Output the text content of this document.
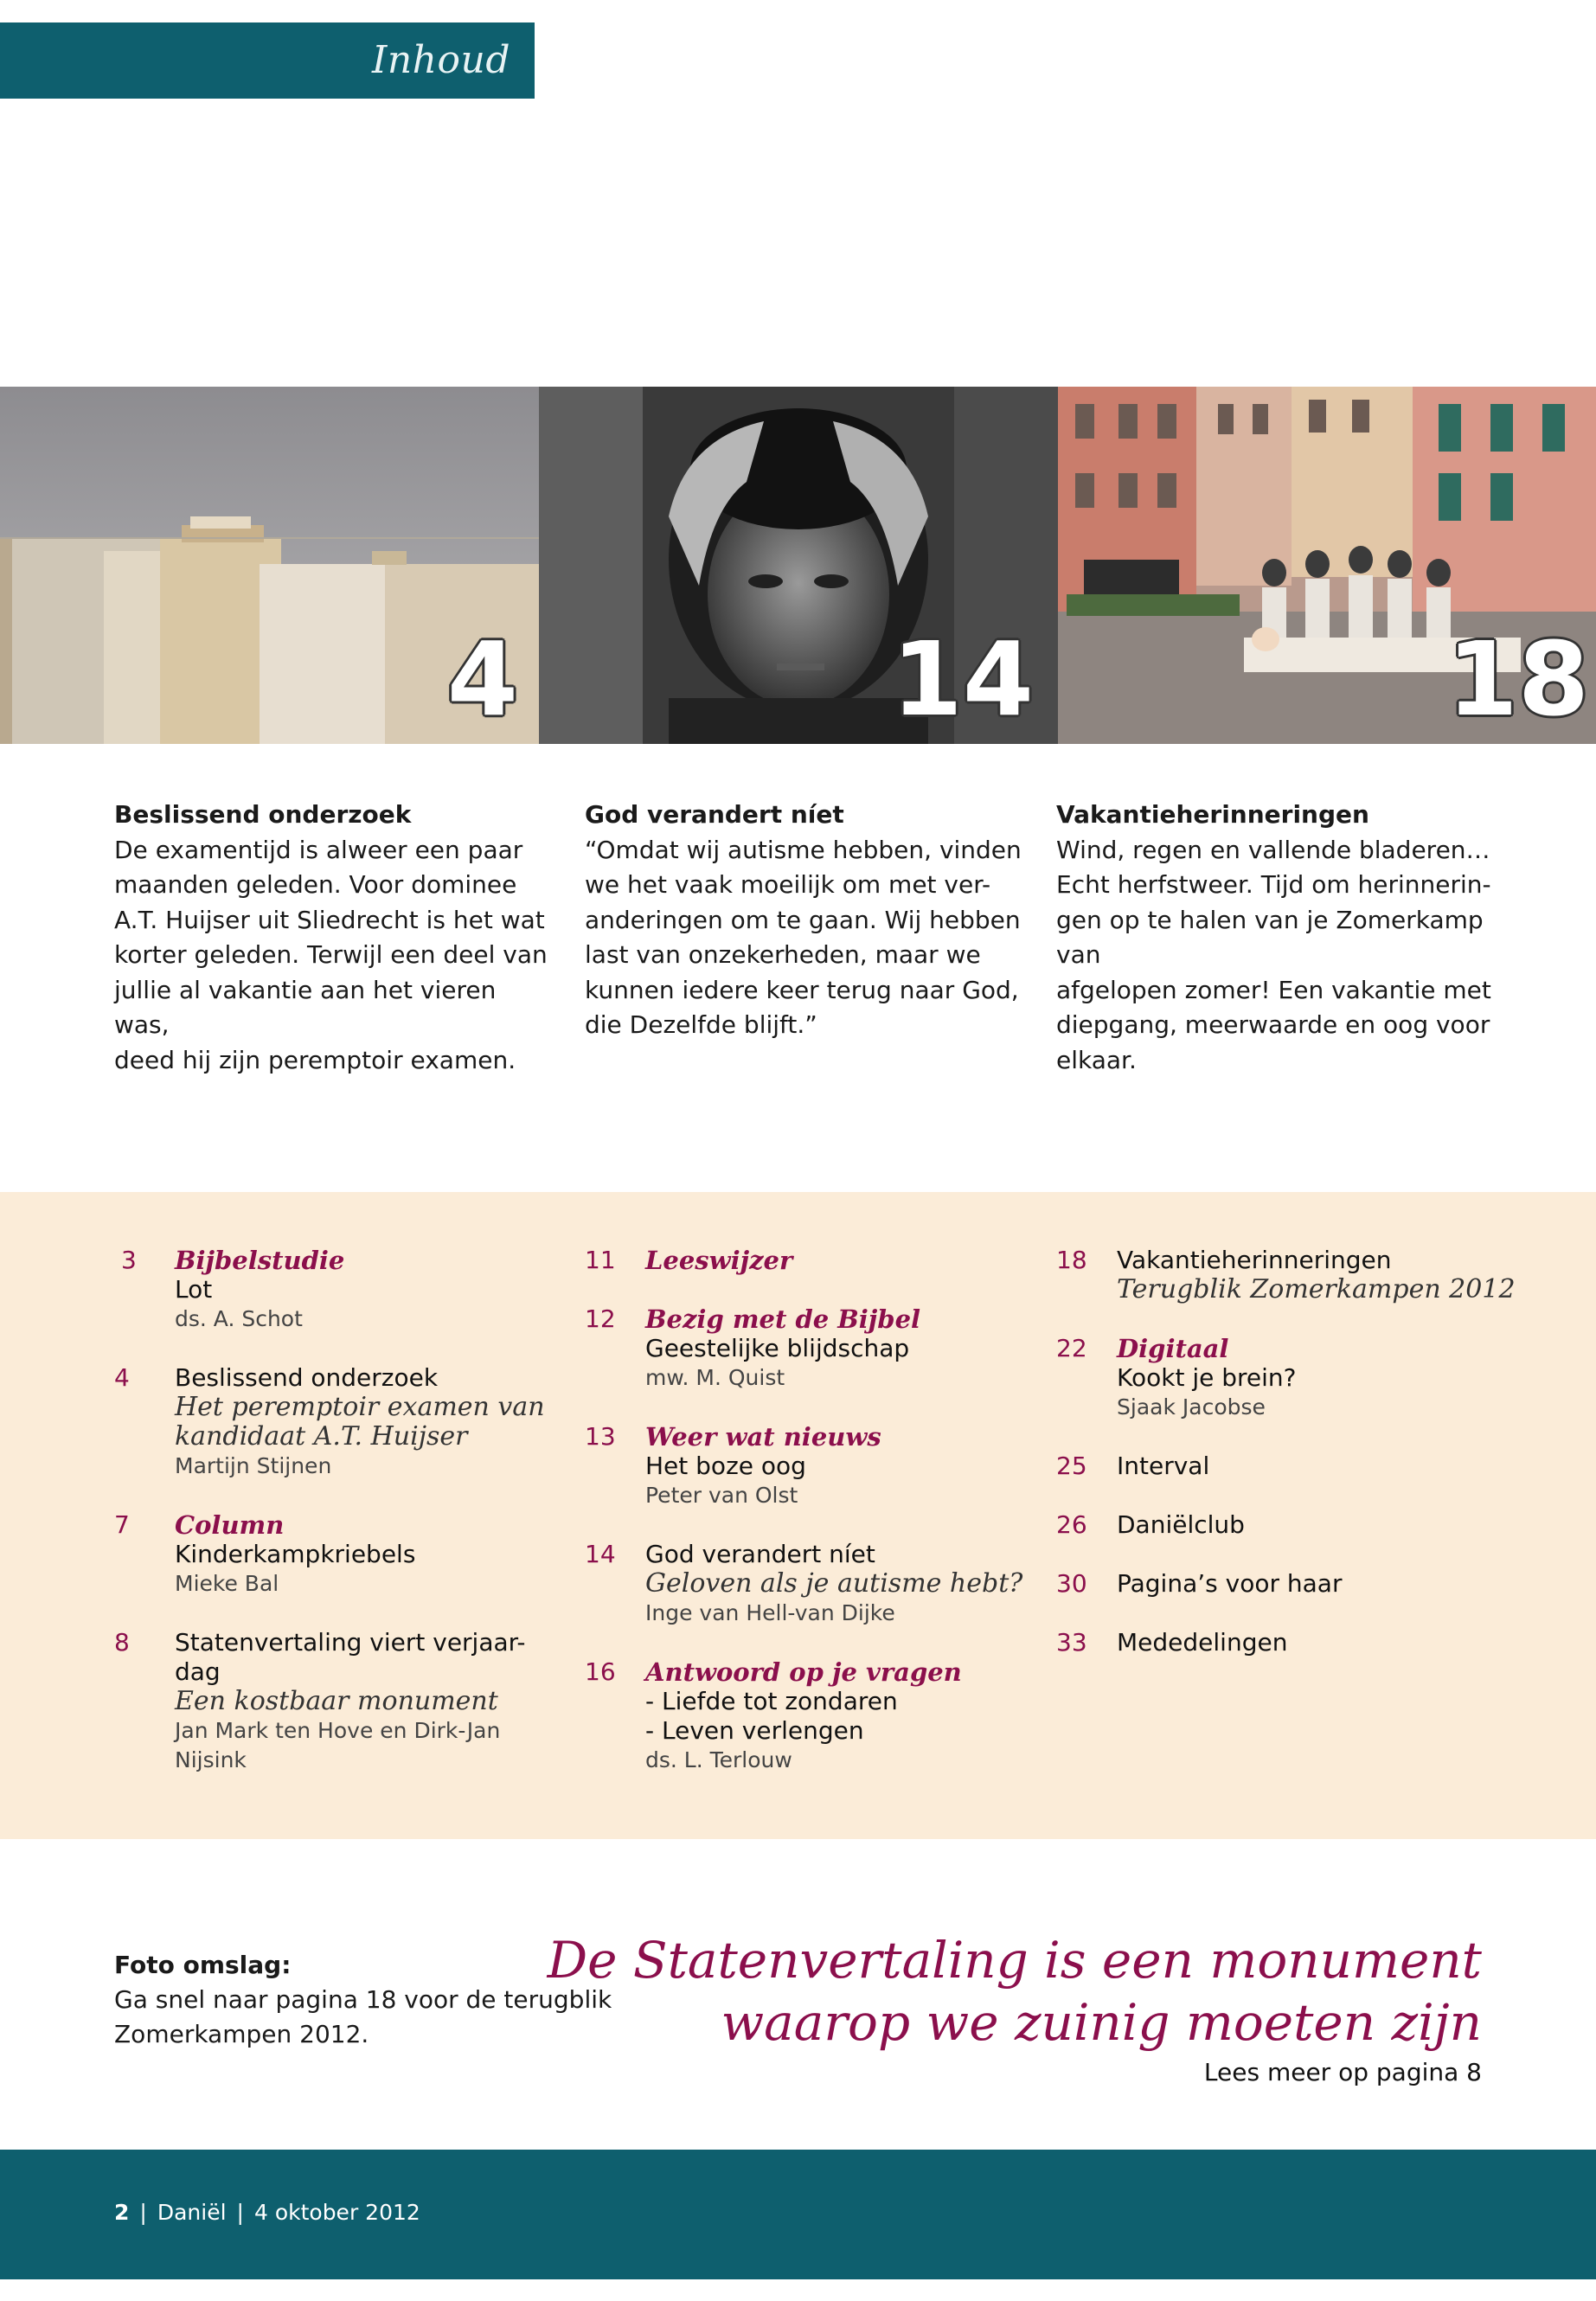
Inhoud
4	14	18
Beslissend onderzoek
De examentijd is alweer een paar
maanden geleden. Voor dominee
A.T. Huijser uit Sliedrecht is het wat
korter geleden. Terwijl een deel van
jullie al vakantie aan het vieren was,
deed hij zijn peremptoir examen.
God verandert níet
“Omdat wij autisme hebben, vinden
we het vaak moeilijk om met ver-
anderingen om te gaan. Wij hebben
last van onzekerheden, maar we
kunnen iedere keer terug naar God,
die Dezelfde blijft.”
Vakantieherinneringen
Wind, regen en vallende bladeren…
Echt herfstweer. Tijd om herinnerin-
gen op te halen van je Zomerkamp van
afgelopen zomer! Een vakantie met
diepgang, meerwaarde en oog voor
elkaar.
3	Bijbelstudie
Lot
ds. A. Schot
4	Beslissend onderzoek
Het peremptoir examen van
kandidaat A.T. Huijser
Martijn Stijnen
7	Column
Kinderkampkriebels
Mieke Bal
8	Statenvertaling viert verjaar-
dag
Een kostbaar monument
Jan Mark ten Hove en Dirk-Jan
Nijsink
11	Leeswijzer
12	Bezig met de Bijbel
Geestelijke blijdschap
mw. M. Quist
13	Weer wat nieuws
Het boze oog
Peter van Olst
14	God verandert níet
Geloven als je autisme hebt?
Inge van Hell-van Dijke
16	Antwoord op je vragen
- Liefde tot zondaren
- Leven verlengen
ds. L. Terlouw
18	Vakantieherinneringen
Terugblik Zomerkampen 2012
22	Digitaal
Kookt je brein?
Sjaak Jacobse
25	Interval
26	Daniëlclub
30	Pagina’s voor haar
33	Mededelingen
Foto omslag:
Ga snel naar pagina 18 voor de terugblik
Zomerkampen 2012.
De Statenvertaling is een monument
waarop we zuinig moeten zijn
Lees meer op pagina 8
2 | Daniël | 4 oktober 2012
